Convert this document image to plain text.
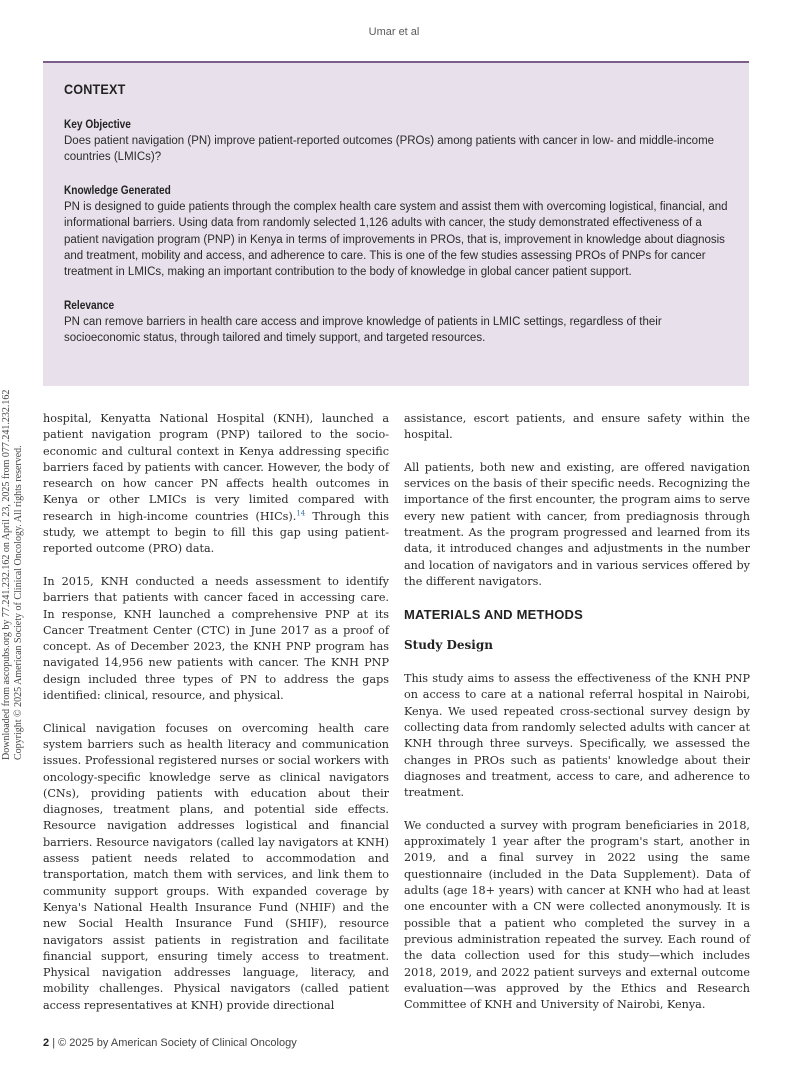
Umar et al
Downloaded from ascopubs.org by 77.241.232.162 on April 23, 2025 from 077.241.232.162 Copyright © 2025 American Society of Clinical Oncology. All rights reserved.
CONTEXT
Key Objective

Does patient navigation (PN) improve patient-reported outcomes (PROs) among patients with cancer in low- and middle-income countries (LMICs)?

Knowledge Generated

PN is designed to guide patients through the complex health care system and assist them with overcoming logistical, financial, and informational barriers. Using data from randomly selected 1,126 adults with cancer, the study demonstrated effectiveness of a patient navigation program (PNP) in Kenya in terms of improvements in PROs, that is, improvement in knowledge about diagnosis and treatment, mobility and access, and adherence to care. This is one of the few studies assessing PROs of PNPs for cancer treatment in LMICs, making an important contribution to the body of knowledge in global cancer patient support.

Relevance

PN can remove barriers in health care access and improve knowledge of patients in LMIC settings, regardless of their socioeconomic status, through tailored and timely support, and targeted resources.

hospital, Kenyatta National Hospital (KNH), launched a patient navigation program (PNP) tailored to the socio-economic and cultural context in Kenya addressing specific barriers faced by patients with cancer. However, the body of research on how cancer PN affects health outcomes in Kenya or other LMICs is very limited compared with research in high-income countries (HICs).$^{14}$ Through this study, we attempt to begin to fill this gap using patient-reported outcome (PRO) data.

In 2015, KNH conducted a needs assessment to identify barriers that patients with cancer faced in accessing care. In response, KNH launched a comprehensive PNP at its Cancer Treatment Center (CTC) in June 2017 as a proof of concept. As of December 2023, the KNH PNP program has navigated 14,956 new patients with cancer. The KNH PNP design included three types of PN to address the gaps identified: clinical, resource, and physical.

Clinical navigation focuses on overcoming health care system barriers such as health literacy and communication issues. Professional registered nurses or social workers with oncology-specific knowledge serve as clinical navigators (CNs), providing patients with education about their diagnoses, treatment plans, and potential side effects. Resource navigation addresses logistical and financial barriers. Resource navigators (called lay navigators at KNH) assess patient needs related to accommodation and transportation, match them with services, and link them to community support groups. With expanded coverage by Kenya's National Health Insurance Fund (NHIF) and the new Social Health Insurance Fund (SHIF), resource navigators assist patients in registration and facilitate financial support, ensuring timely access to treatment. Physical navigation addresses language, literacy, and mobility challenges. Physical navigators (called patient access representatives at KNH) provide directional

assistance, escort patients, and ensure safety within the hospital.

All patients, both new and existing, are offered navigation services on the basis of their specific needs. Recognizing the importance of the first encounter, the program aims to serve every new patient with cancer, from prediagnosis through treatment. As the program progressed and learned from its data, it introduced changes and adjustments in the number and location of navigators and in various services offered by the different navigators.

MATERIALS AND METHODS
Study Design

This study aims to assess the effectiveness of the KNH PNP on access to care at a national referral hospital in Nairobi, Kenya. We used repeated cross-sectional survey design by collecting data from randomly selected adults with cancer at KNH through three surveys. Specifically, we assessed the changes in PROs such as patients' knowledge about their diagnoses and treatment, access to care, and adherence to treatment.

We conducted a survey with program beneficiaries in 2018, approximately 1 year after the program's start, another in 2019, and a final survey in 2022 using the same questionnaire (included in the Data Supplement). Data of adults (age 18+ years) with cancer at KNH who had at least one encounter with a CN were collected anonymously. It is possible that a patient who completed the survey in a previous administration repeated the survey. Each round of the data collection used for this study—which includes 2018, 2019, and 2022 patient surveys and external outcome evaluation—was approved by the Ethics and Research Committee of KNH and University of Nairobi, Kenya.

2 | © 2025 by American Society of Clinical Oncology
